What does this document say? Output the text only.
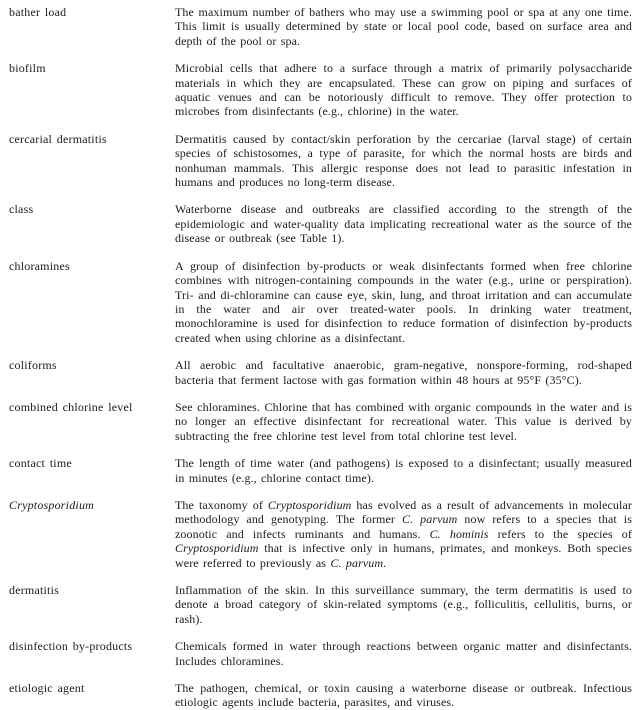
bather load	The maximum number of bathers who may use a swimming pool or spa at any one time. This limit is usually determined by state or local pool code, based on surface area and depth of the pool or spa.
biofilm	Microbial cells that adhere to a surface through a matrix of primarily polysaccharide materials in which they are encapsulated. These can grow on piping and surfaces of aquatic venues and can be notoriously difficult to remove. They offer protection to microbes from disinfectants (e.g., chlorine) in the water.
cercarial dermatitis	Dermatitis caused by contact/skin perforation by the cercariae (larval stage) of certain species of schistosomes, a type of parasite, for which the normal hosts are birds and nonhuman mammals. This allergic response does not lead to parasitic infestation in humans and produces no long-term disease.
class	Waterborne disease and outbreaks are classified according to the strength of the epidemiologic and water-quality data implicating recreational water as the source of the disease or outbreak (see Table 1).
chloramines	A group of disinfection by-products or weak disinfectants formed when free chlorine combines with nitrogen-containing compounds in the water (e.g., urine or perspiration). Tri- and di-chloramine can cause eye, skin, lung, and throat irritation and can accumulate in the water and air over treated-water pools. In drinking water treatment, monochloramine is used for disinfection to reduce formation of disinfection by-products created when using chlorine as a disinfectant.
coliforms	All aerobic and facultative anaerobic, gram-negative, nonspore-forming, rod-shaped bacteria that ferment lactose with gas formation within 48 hours at 95°F (35°C).
combined chlorine level	See chloramines. Chlorine that has combined with organic compounds in the water and is no longer an effective disinfectant for recreational water. This value is derived by subtracting the free chlorine test level from total chlorine test level.
contact time	The length of time water (and pathogens) is exposed to a disinfectant; usually measured in minutes (e.g., chlorine contact time).
Cryptosporidium	The taxonomy of Cryptosporidium has evolved as a result of advancements in molecular methodology and genotyping. The former C. parvum now refers to a species that is zoonotic and infects ruminants and humans. C. hominis refers to the species of Cryptosporidium that is infective only in humans, primates, and monkeys. Both species were referred to previously as C. parvum.
dermatitis	Inflammation of the skin. In this surveillance summary, the term dermatitis is used to denote a broad category of skin-related symptoms (e.g., folliculitis, cellulitis, burns, or rash).
disinfection by-products	Chemicals formed in water through reactions between organic matter and disinfectants. Includes chloramines.
etiologic agent	The pathogen, chemical, or toxin causing a waterborne disease or outbreak. Infectious etiologic agents include bacteria, parasites, and viruses.
